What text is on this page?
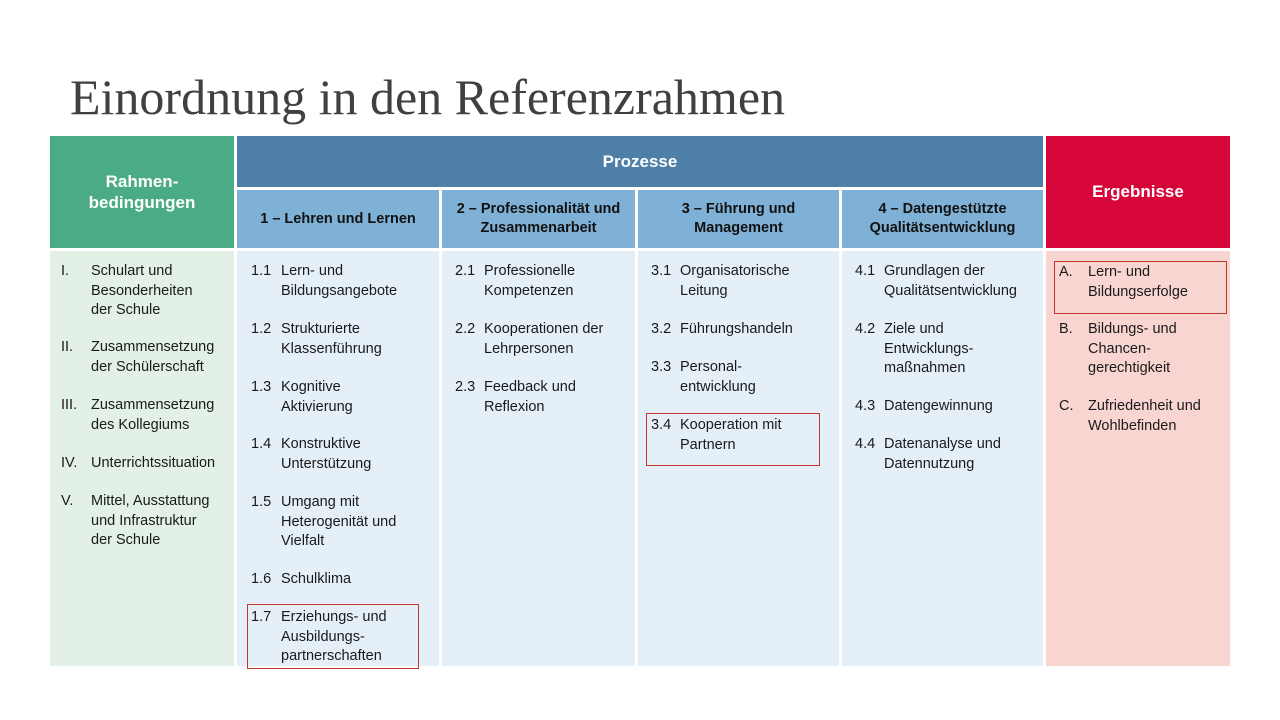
Einordnung in den Referenzrahmen
Rahmen-
bedingungen
Prozesse
Ergebnisse
1 – Lehren und Lernen
2 – Professionalität und
Zusammenarbeit
3 – Führung und
Management
4 – Datengestützte
Qualitätsentwicklung
I. Schulart und
Besonderheiten
der Schule
II. Zusammensetzung
der Schülerschaft
III. Zusammensetzung
des Kollegiums
IV. Unterrichtssituation
V. Mittel, Ausstattung
und Infrastruktur
der Schule
1.1 Lern- und
Bildungsangebote
1.2 Strukturierte
Klassenführung
1.3 Kognitive
Aktivierung
1.4 Konstruktive
Unterstützung
1.5 Umgang mit
Heterogenität und
Vielfalt
1.6 Schulklima
1.7 Erziehungs- und
Ausbildungs-
partnerschaften
2.1 Professionelle
Kompetenzen
2.2 Kooperationen der
Lehrpersonen
2.3 Feedback und
Reflexion
3.1 Organisatorische
Leitung
3.2 Führungshandeln
3.3 Personal-
entwicklung
3.4 Kooperation mit
Partnern
4.1 Grundlagen der
Qualitätsentwicklung
4.2 Ziele und
Entwicklungs-
maßnahmen
4.3 Datengewinnung
4.4 Datenanalyse und
Datennutzung
A. Lern- und
Bildungserfolge
B. Bildungs- und
Chancen-
gerechtigkeit
C. Zufriedenheit und
Wohlbefinden
